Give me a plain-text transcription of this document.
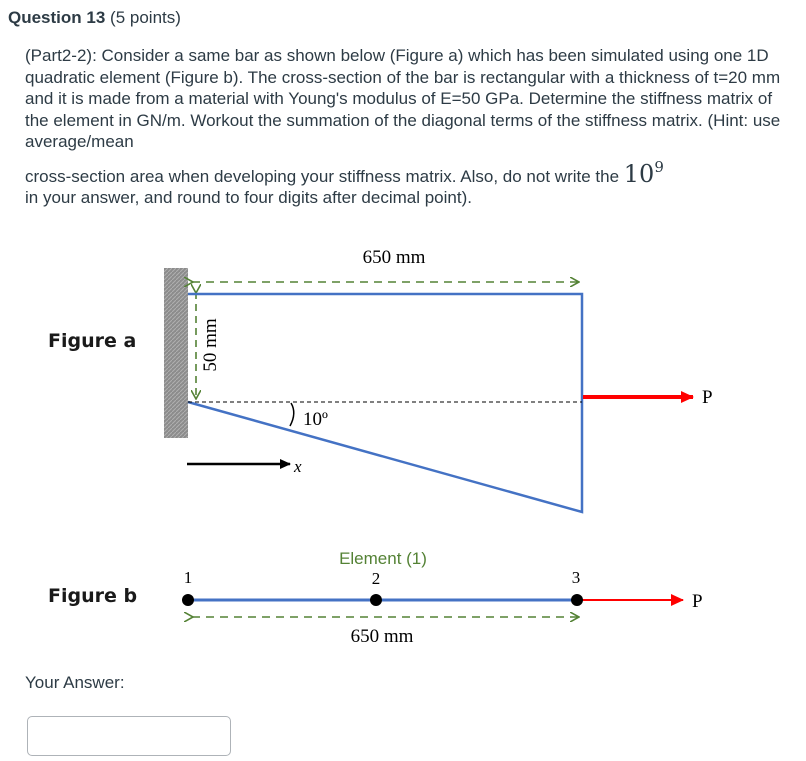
Question 13 (5 points)

(Part2-2): Consider a same bar as shown below (Figure a) which has been simulated using one 1D quadratic element (Figure b). The cross-section of the bar is rectangular with a thickness of t=20 mm and it is made from a material with Young's modulus of E=50 GPa. Determine the stiffness matrix of the element in GN/m. Workout the summation of the diagonal terms of the stiffness matrix. (Hint: use average/mean

cross-section area when developing your stiffness matrix. Also, do not write the $10^9$
in your answer, and round to four digits after decimal point).

Figure a
Figure b
650 mm
50 mm
10º
P
x
Element (1)
P
1	2	3
650 mm
Your Answer:
